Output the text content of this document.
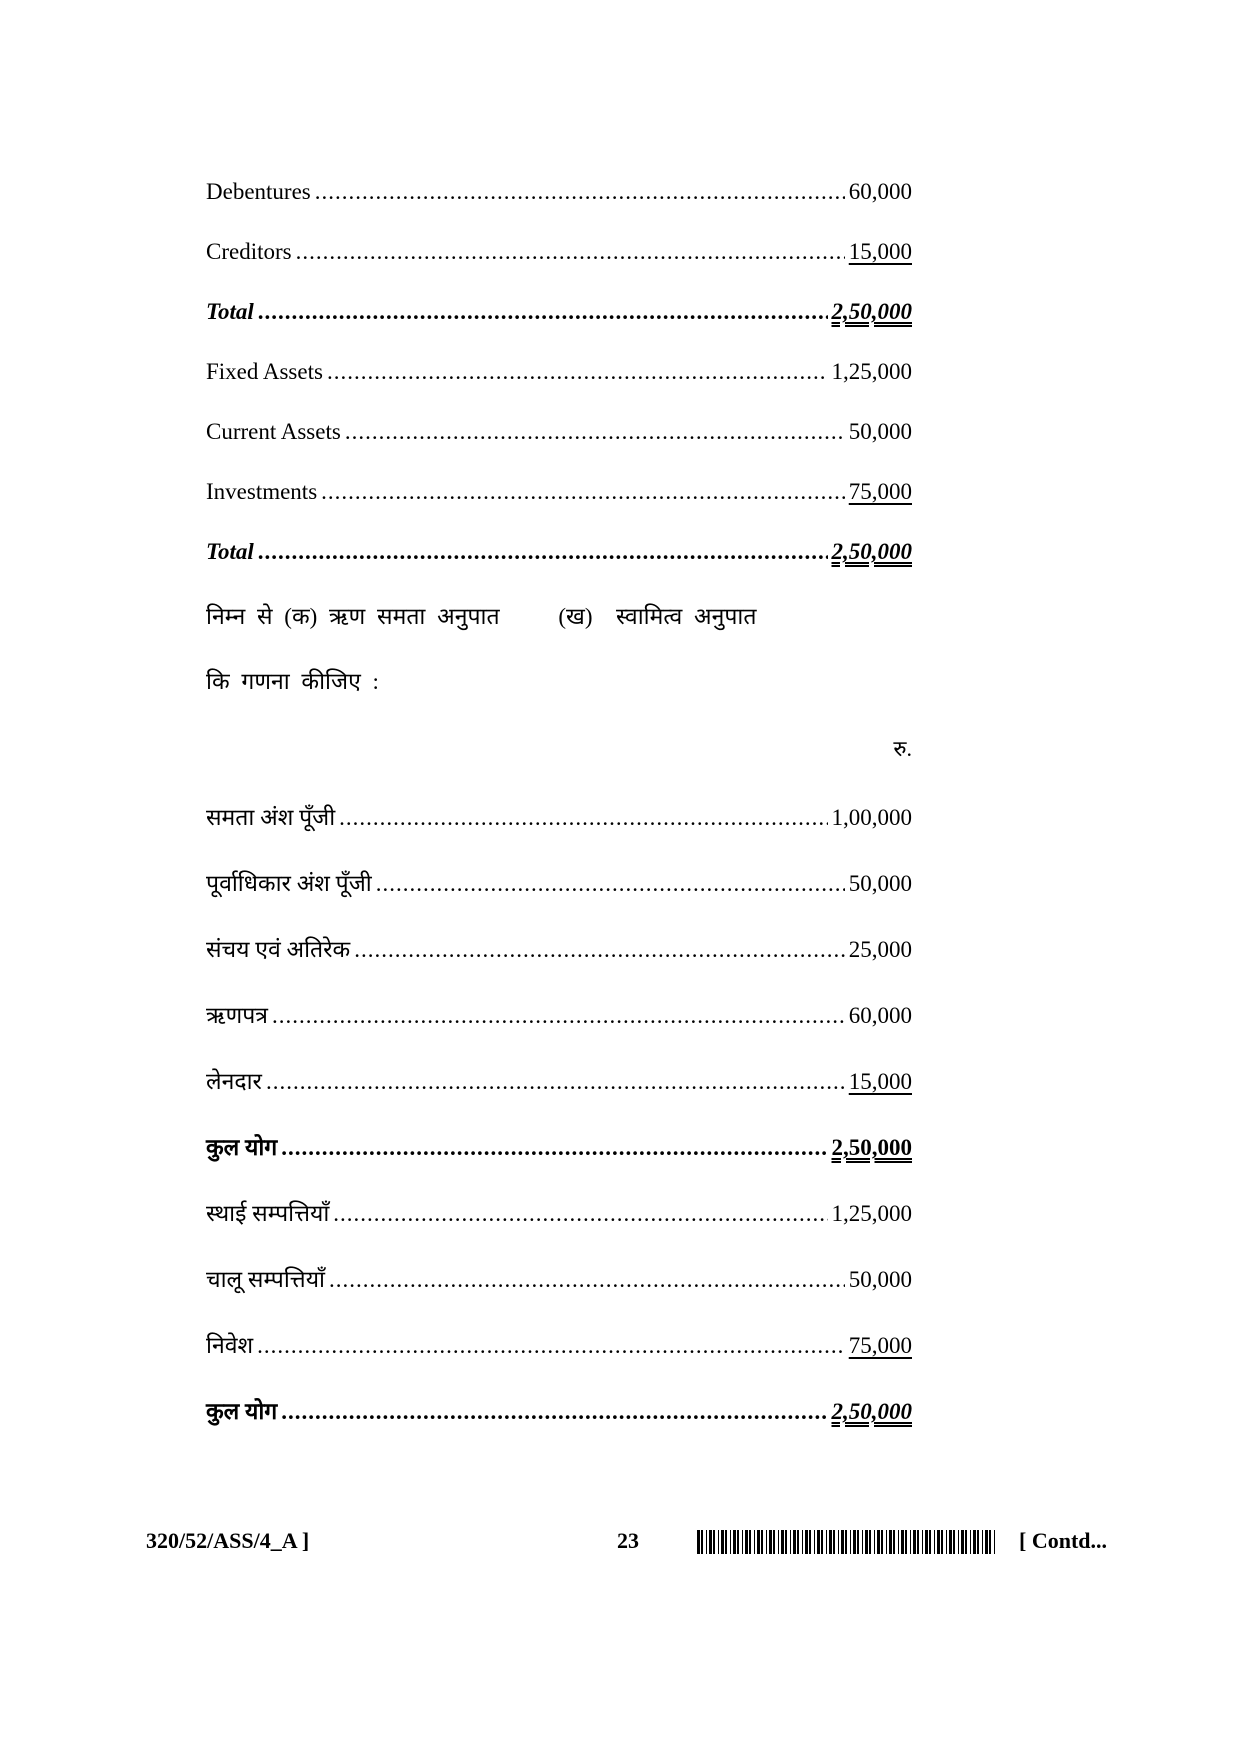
Debentures .....	60,000
Creditors .....	15,000
Total .....	2,50,000
Fixed Assets .....	1,25,000
Current Assets .....	50,000
Investments .....	75,000
Total .....	2,50,000
निम्न से (क) ऋण समता अनुपात     (ख)  स्वामित्व अनुपात
कि गणना कीजिए :
रु.
समता अंश पूँजी .....	1,00,000
पूर्वाधिकार अंश पूँजी .....	50,000
संचय एवं अतिरेक .....	25,000
ऋणपत्र .....	60,000
लेनदार .....	15,000
कुल योग .....	2,50,000
स्थाई सम्पत्तियाँ .....	1,25,000
चालू सम्पत्तियाँ .....	50,000
निवेश .....	75,000
कुल योग .....	2,50,000
320/52/ASS/4_A ]	23	[ Contd...
